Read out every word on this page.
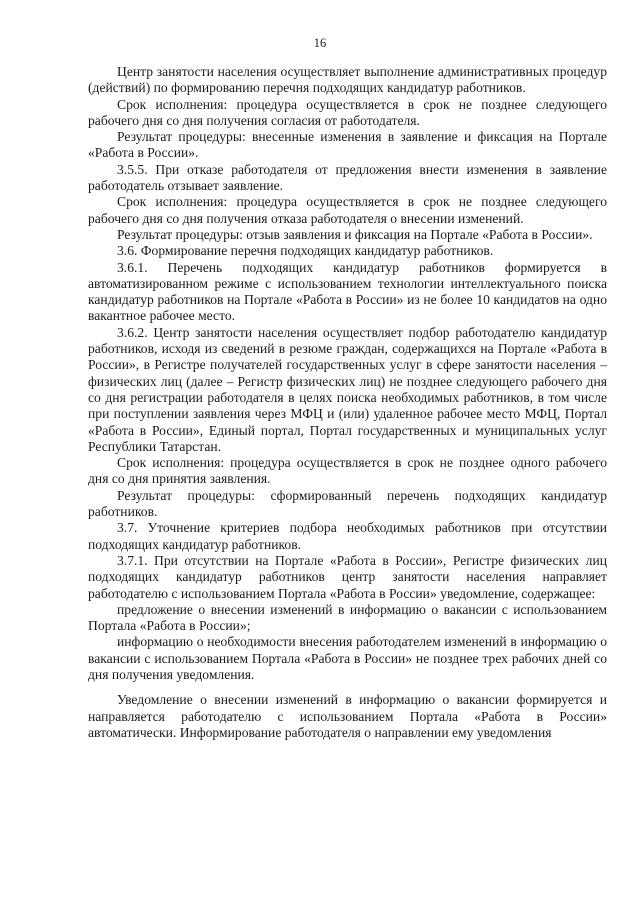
16

Центр занятости населения осуществляет выполнение административных процедур (действий) по формированию перечня подходящих кандидатур работников.

Срок исполнения: процедура осуществляется в срок не позднее следующего рабочего дня со дня получения согласия от работодателя.

Результат процедуры: внесенные изменения в заявление и фиксация на Портале «Работа в России».

3.5.5. При отказе работодателя от предложения внести изменения в заявление работодатель отзывает заявление.

Срок исполнения: процедура осуществляется в срок не позднее следующего рабочего дня со дня получения отказа работодателя о внесении изменений.

Результат процедуры: отзыв заявления и фиксация на Портале «Работа в России».

3.6. Формирование перечня подходящих кандидатур работников.

3.6.1. Перечень подходящих кандидатур работников формируется в автоматизированном режиме с использованием технологии интеллектуального поиска кандидатур работников на Портале «Работа в России» из не более 10 кандидатов на одно вакантное рабочее место.

3.6.2. Центр занятости населения осуществляет подбор работодателю кандидатур работников, исходя из сведений в резюме граждан, содержащихся на Портале «Работа в России», в Регистре получателей государственных услуг в сфере занятости населения – физических лиц (далее – Регистр физических лиц) не позднее следующего рабочего дня со дня регистрации работодателя в целях поиска необходимых работников, в том числе при поступлении заявления через МФЦ и (или) удаленное рабочее место МФЦ, Портал «Работа в России», Единый портал, Портал государственных и муниципальных услуг Республики Татарстан.

Срок исполнения: процедура осуществляется в срок не позднее одного рабочего дня со дня принятия заявления.

Результат процедуры: сформированный перечень подходящих кандидатур работников.

3.7. Уточнение критериев подбора необходимых работников при отсутствии подходящих кандидатур работников.

3.7.1. При отсутствии на Портале «Работа в России», Регистре физических лиц подходящих кандидатур работников центр занятости населения направляет работодателю с использованием Портала «Работа в России» уведомление, содержащее:

предложение о внесении изменений в информацию о вакансии с использованием Портала «Работа в России»;

информацию о необходимости внесения работодателем изменений в информацию о вакансии с использованием Портала «Работа в России» не позднее трех рабочих дней со дня получения уведомления.

Уведомление о внесении изменений в информацию о вакансии формируется и направляется работодателю с использованием Портала «Работа в России» автоматически. Информирование работодателя о направлении ему уведомления
